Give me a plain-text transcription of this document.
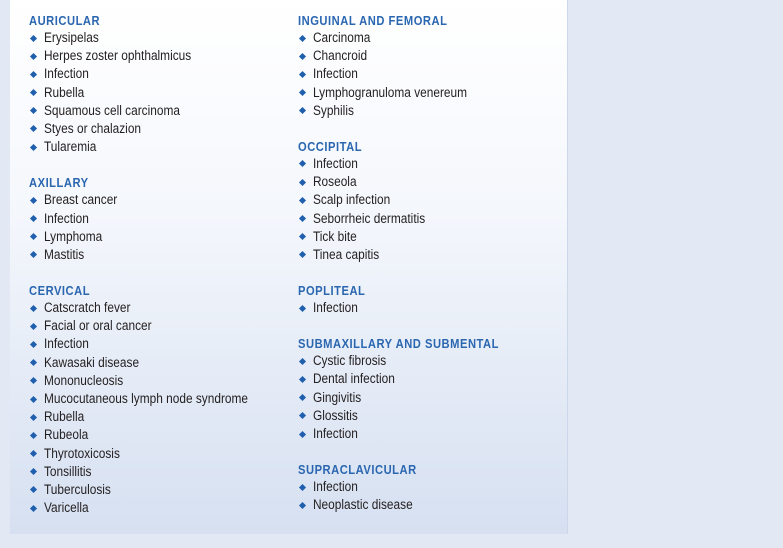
AURICULAR
Erysipelas
Herpes zoster ophthalmicus
Infection
Rubella
Squamous cell carcinoma
Styes or chalazion
Tularemia
AXILLARY
Breast cancer
Infection
Lymphoma
Mastitis
CERVICAL
Catscratch fever
Facial or oral cancer
Infection
Kawasaki disease
Mononucleosis
Mucocutaneous lymph node syndrome
Rubella
Rubeola
Thyrotoxicosis
Tonsillitis
Tuberculosis
Varicella
INGUINAL AND FEMORAL
Carcinoma
Chancroid
Infection
Lymphogranuloma venereum
Syphilis
OCCIPITAL
Infection
Roseola
Scalp infection
Seborrheic dermatitis
Tick bite
Tinea capitis
POPLITEAL
Infection
SUBMAXILLARY AND SUBMENTAL
Cystic fibrosis
Dental infection
Gingivitis
Glossitis
Infection
SUPRACLAVICULAR
Infection
Neoplastic disease
